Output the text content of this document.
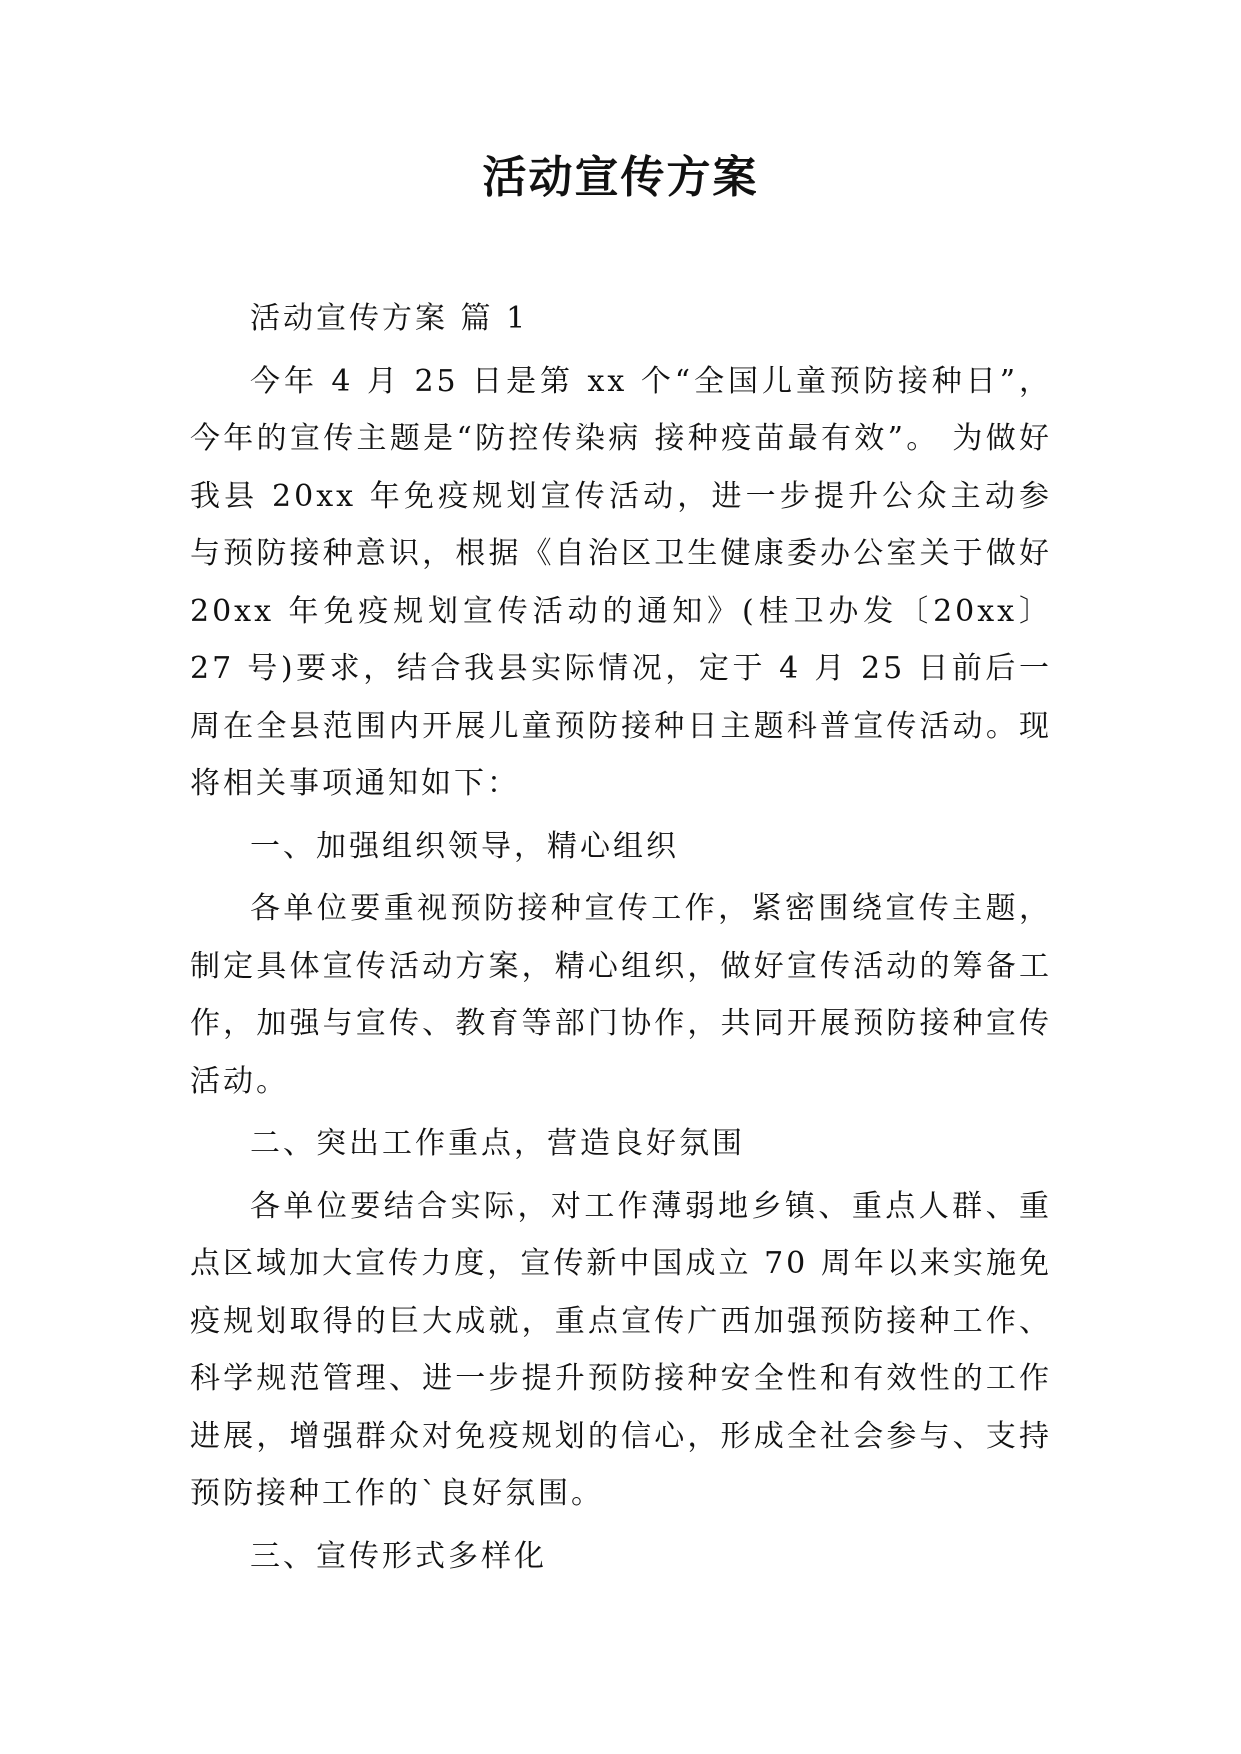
活动宣传方案

活动宣传方案 篇 1

今年 4 月 25 日是第 xx 个“全国儿童预防接种日”， 今年的宣传主题是“防控传染病 接种疫苗最有效”。 为做好我县 20xx 年免疫规划宣传活动，进一步提升公众主动参与预防接种意识，根据《自治区卫生健康委办公室关于做好 20xx 年免疫规划宣传活动的通知》(桂卫办发〔20xx〕27 号)要求，结合我县实际情况，定于 4 月 25 日前后一周在全县范围内开展儿童预防接种日主题科普宣传活动。现将相关事项通知如下：

一、加强组织领导，精心组织

各单位要重视预防接种宣传工作，紧密围绕宣传主题，制定具体宣传活动方案，精心组织，做好宣传活动的筹备工作，加强与宣传、教育等部门协作，共同开展预防接种宣传活动。

二、突出工作重点，营造良好氛围

各单位要结合实际，对工作薄弱地乡镇、重点人群、重点区域加大宣传力度，宣传新中国成立 70 周年以来实施免疫规划取得的巨大成就，重点宣传广西加强预防接种工作、科学规范管理、进一步提升预防接种安全性和有效性的工作进展，增强群众对免疫规划的信心，形成全社会参与、支持预防接种工作的`良好氛围。

三、宣传形式多样化
